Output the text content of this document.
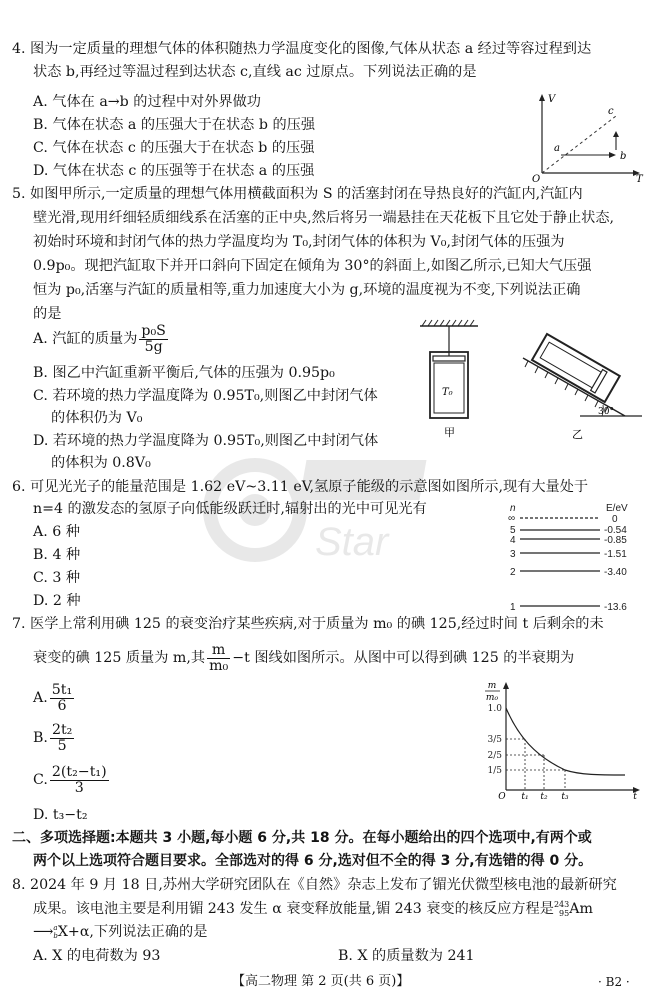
Star
4. 图为一定质量的理想气体的体积随热力学温度变化的图像,气体从状态 a 经过等容过程到达
状态 b,再经过等温过程到达状态 c,直线 ac 过原点。下列说法正确的是
A. 气体在 a→b 的过程中对外界做功
B. 气体在状态 a 的压强大于在状态 b 的压强
C. 气体在状态 c 的压强大于在状态 b 的压强
D. 气体在状态 c 的压强等于在状态 a 的压强
V
T
O
a
b
c
5. 如图甲所示,一定质量的理想气体用横截面积为 S 的活塞封闭在导热良好的汽缸内,汽缸内
壁光滑,现用纤细轻质细线系在活塞的正中央,然后将另一端悬挂在天花板下且它处于静止状态,
初始时环境和封闭气体的热力学温度均为 T₀,封闭气体的体积为 V₀,封闭气体的压强为
0.9p₀。现把汽缸取下并开口斜向下固定在倾角为 30°的斜面上,如图乙所示,已知大气压强
恒为 p₀,活塞与汽缸的质量相等,重力加速度大小为 g,环境的温度视为不变,下列说法正确
的是
A. 汽缸的质量为 $\frac{\text{p₀S}}{5g}$
B. 图乙中汽缸重新平衡后,气体的压强为 0.95p₀
C. 若环境的热力学温度降为 0.95T₀,则图乙中封闭气体
的体积仍为 V₀
D. 若环境的热力学温度降为 0.95T₀,则图乙中封闭气体
的体积为 0.8V₀
T₀
甲
30°
乙
6. 可见光光子的能量范围是 1.62 eV~3.11 eV,氢原子能级的示意图如图所示,现有大量处于
n=4 的激发态的氢原子向低能级跃迁时,辐射出的光中可见光有
A. 6 种
B. 4 种
C. 3 种
D. 2 种
n	E/eV
∞	0
5	-0.54
4	-0.85
3	-1.51
2	-3.40
1	-13.6
7. 医学上常利用碘 125 的衰变治疗某些疾病,对于质量为 m₀ 的碘 125,经过时间 t 后剩余的未
衰变的碘 125 质量为 m,其 $\frac{m}{\text{m₀}} -t$ 图线如图所示。从图中可以得到碘 125 的半衰期为
A. $\frac{\text{5t₁}}{6}$
B. $\frac{\text{2t₂}}{5}$
C. $\frac{\text{2(t₂−t₁)}}{3}$
D. t₃−t₂
m
m₀
1.0
3/5
2/5
1/5
t₁ t₂ t₃
O	t
二、多项选择题:本题共 3 小题,每小题 6 分,共 18 分。在每小题给出的四个选项中,有两个或
两个以上选项符合题目要求。全部选对的得 6 分,选对但不全的得 3 分,有选错的得 0 分。
8. 2024 年 9 月 18 日,苏州大学研究团队在《自然》杂志上发布了镅光伏微型核电池的最新研究
成果。该电池主要是利用镅 243 发生 α 衰变释放能量,镅 243 衰变的核反应方程是 243
95 Am
⟶ a
b X+α,下列说法正确的是
A. X 的电荷数为 93	B. X 的质量数为 241
【高二物理 第 2 页(共 6 页)】	· B2 ·
